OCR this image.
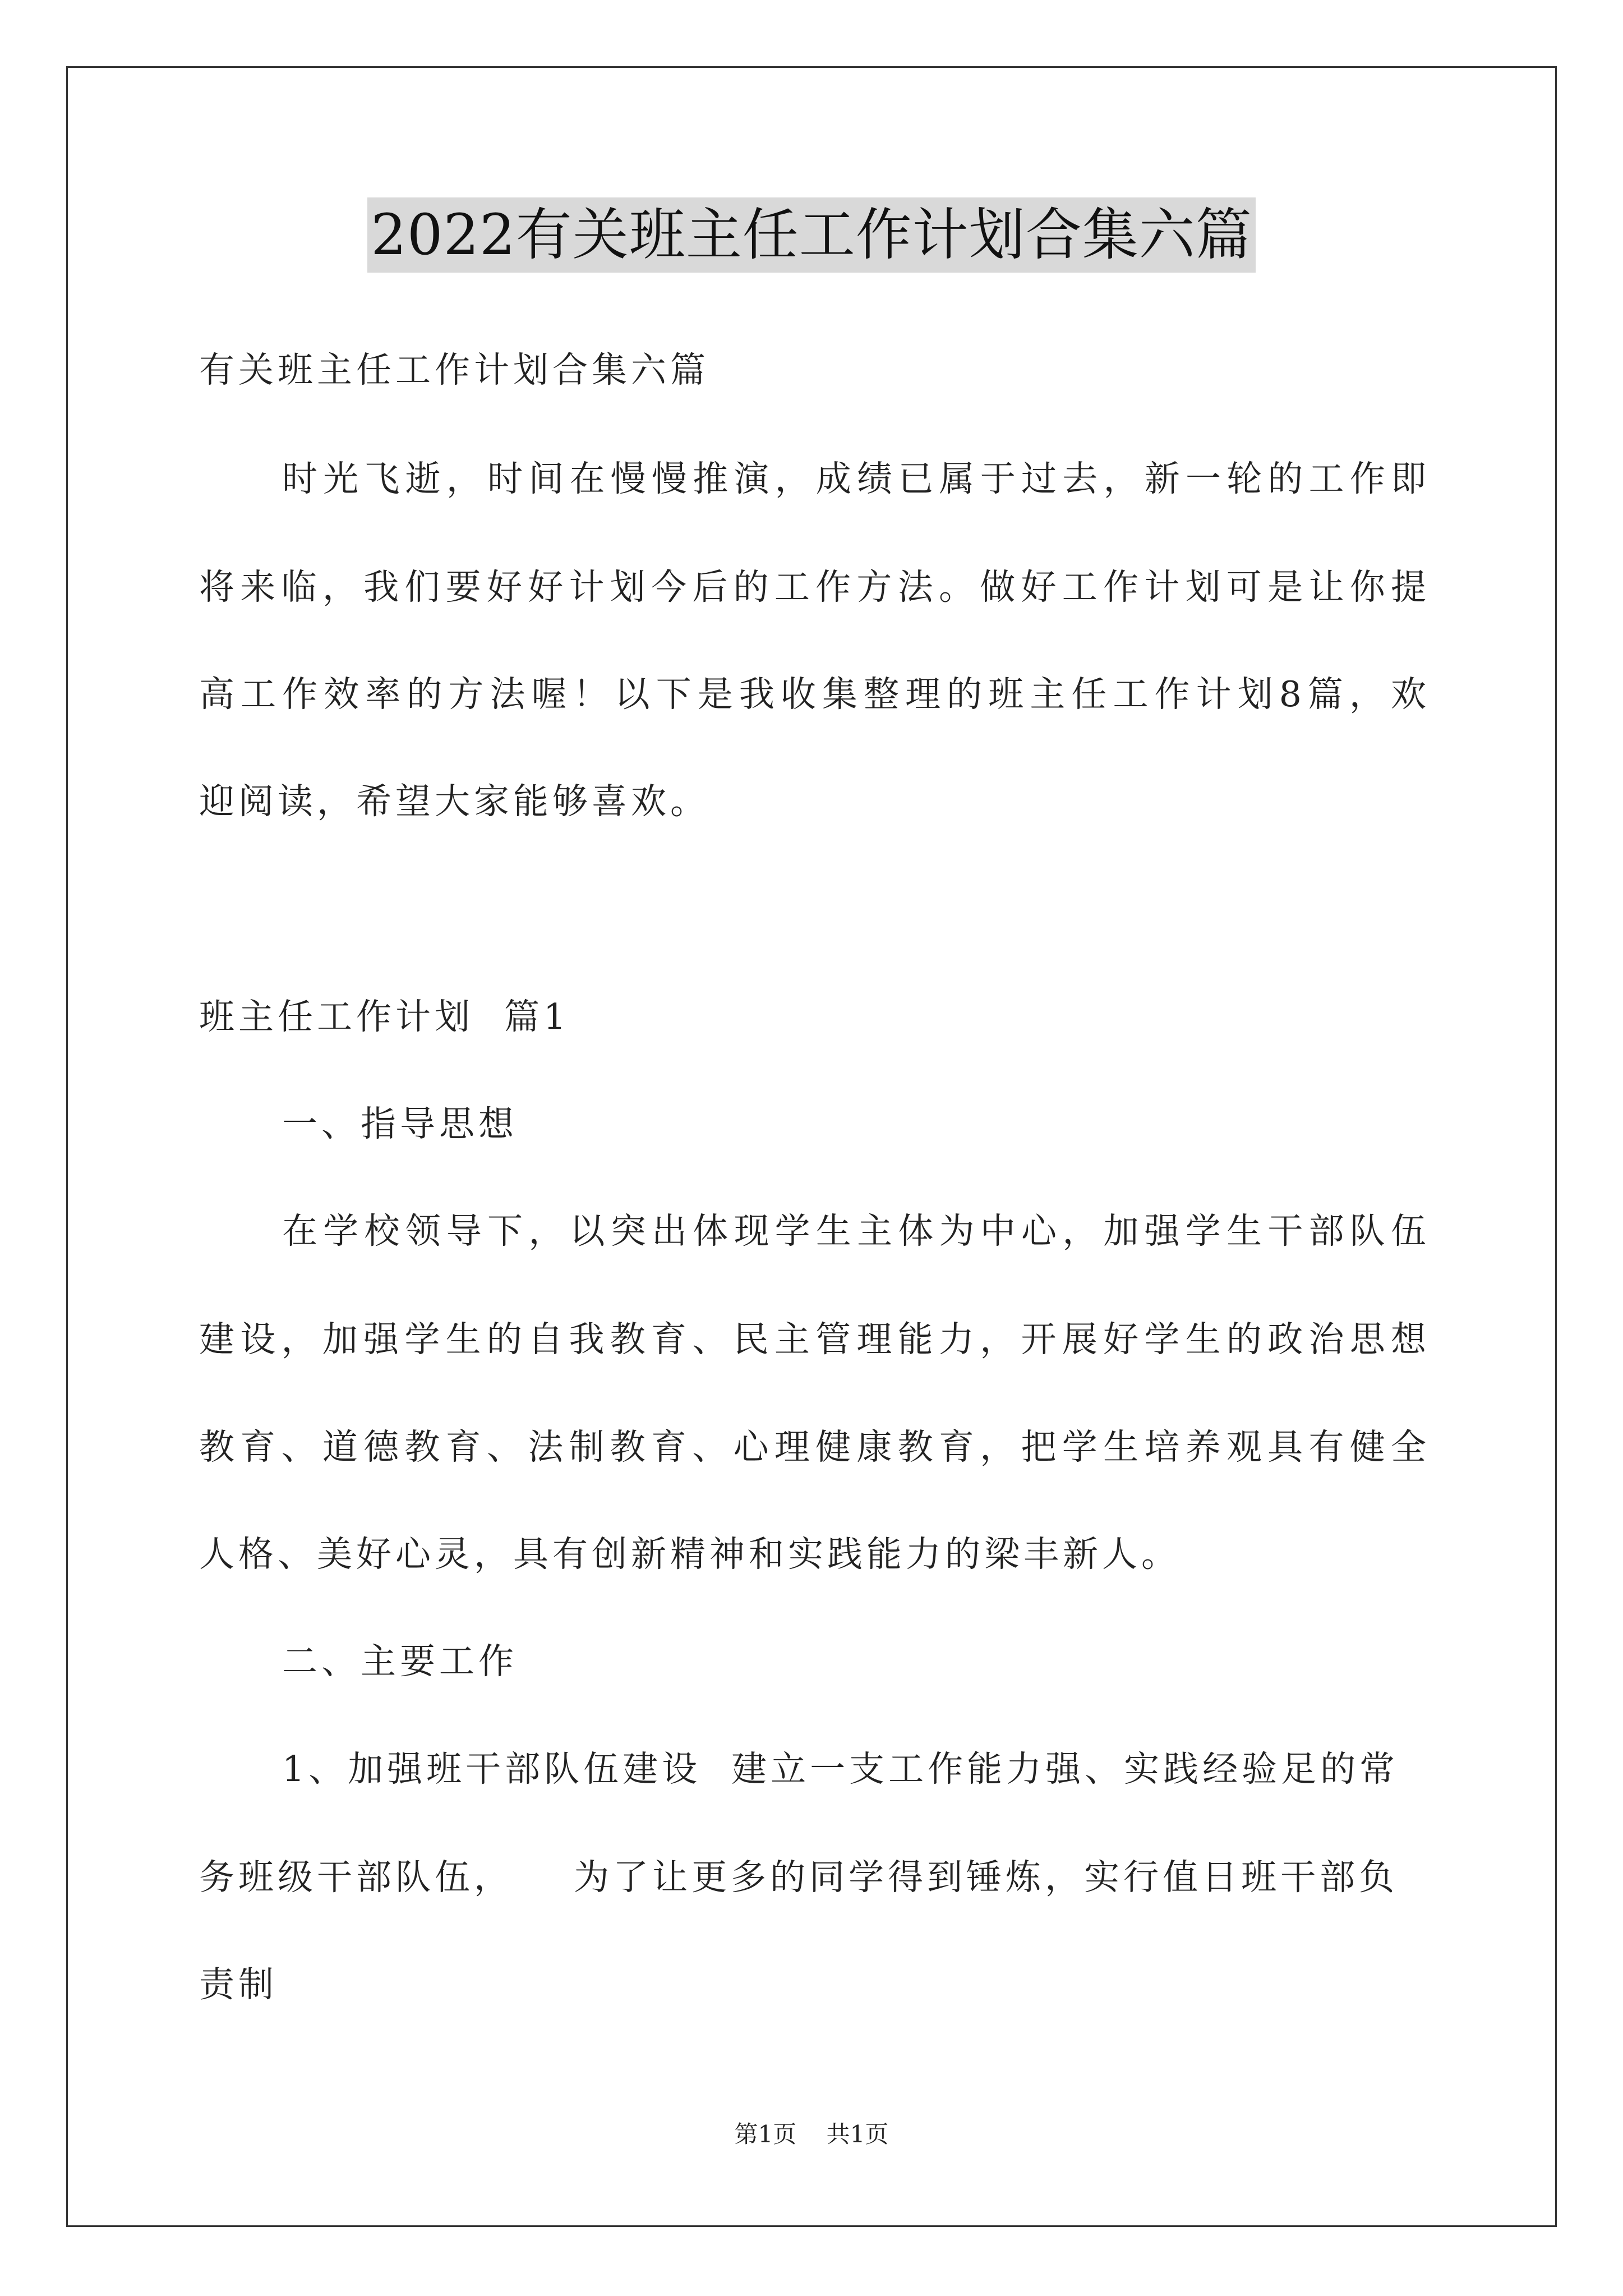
2022有关班主任工作计划合集六篇
有关班主任工作计划合集六篇
时光飞逝，时间在慢慢推演，成绩已属于过去，新一轮的工作即
将来临，我们要好好计划今后的工作方法。做好工作计划可是让你提
高工作效率的方法喔！以下是我收集整理的班主任工作计划8篇，欢
迎阅读，希望大家能够喜欢。
班主任工作计划  篇1
一、指导思想
在学校领导下，以突出体现学生主体为中心，加强学生干部队伍
建设，加强学生的自我教育、民主管理能力，开展好学生的政治思想
教育、道德教育、法制教育、心理健康教育，把学生培养观具有健全
人格、美好心灵，具有创新精神和实践能力的梁丰新人。
二、主要工作
1、加强班干部队伍建设  建立一支工作能力强、实践经验足的常
务班级干部队伍，    为了让更多的同学得到锤炼，实行值日班干部负
责制
第1页    共1页
